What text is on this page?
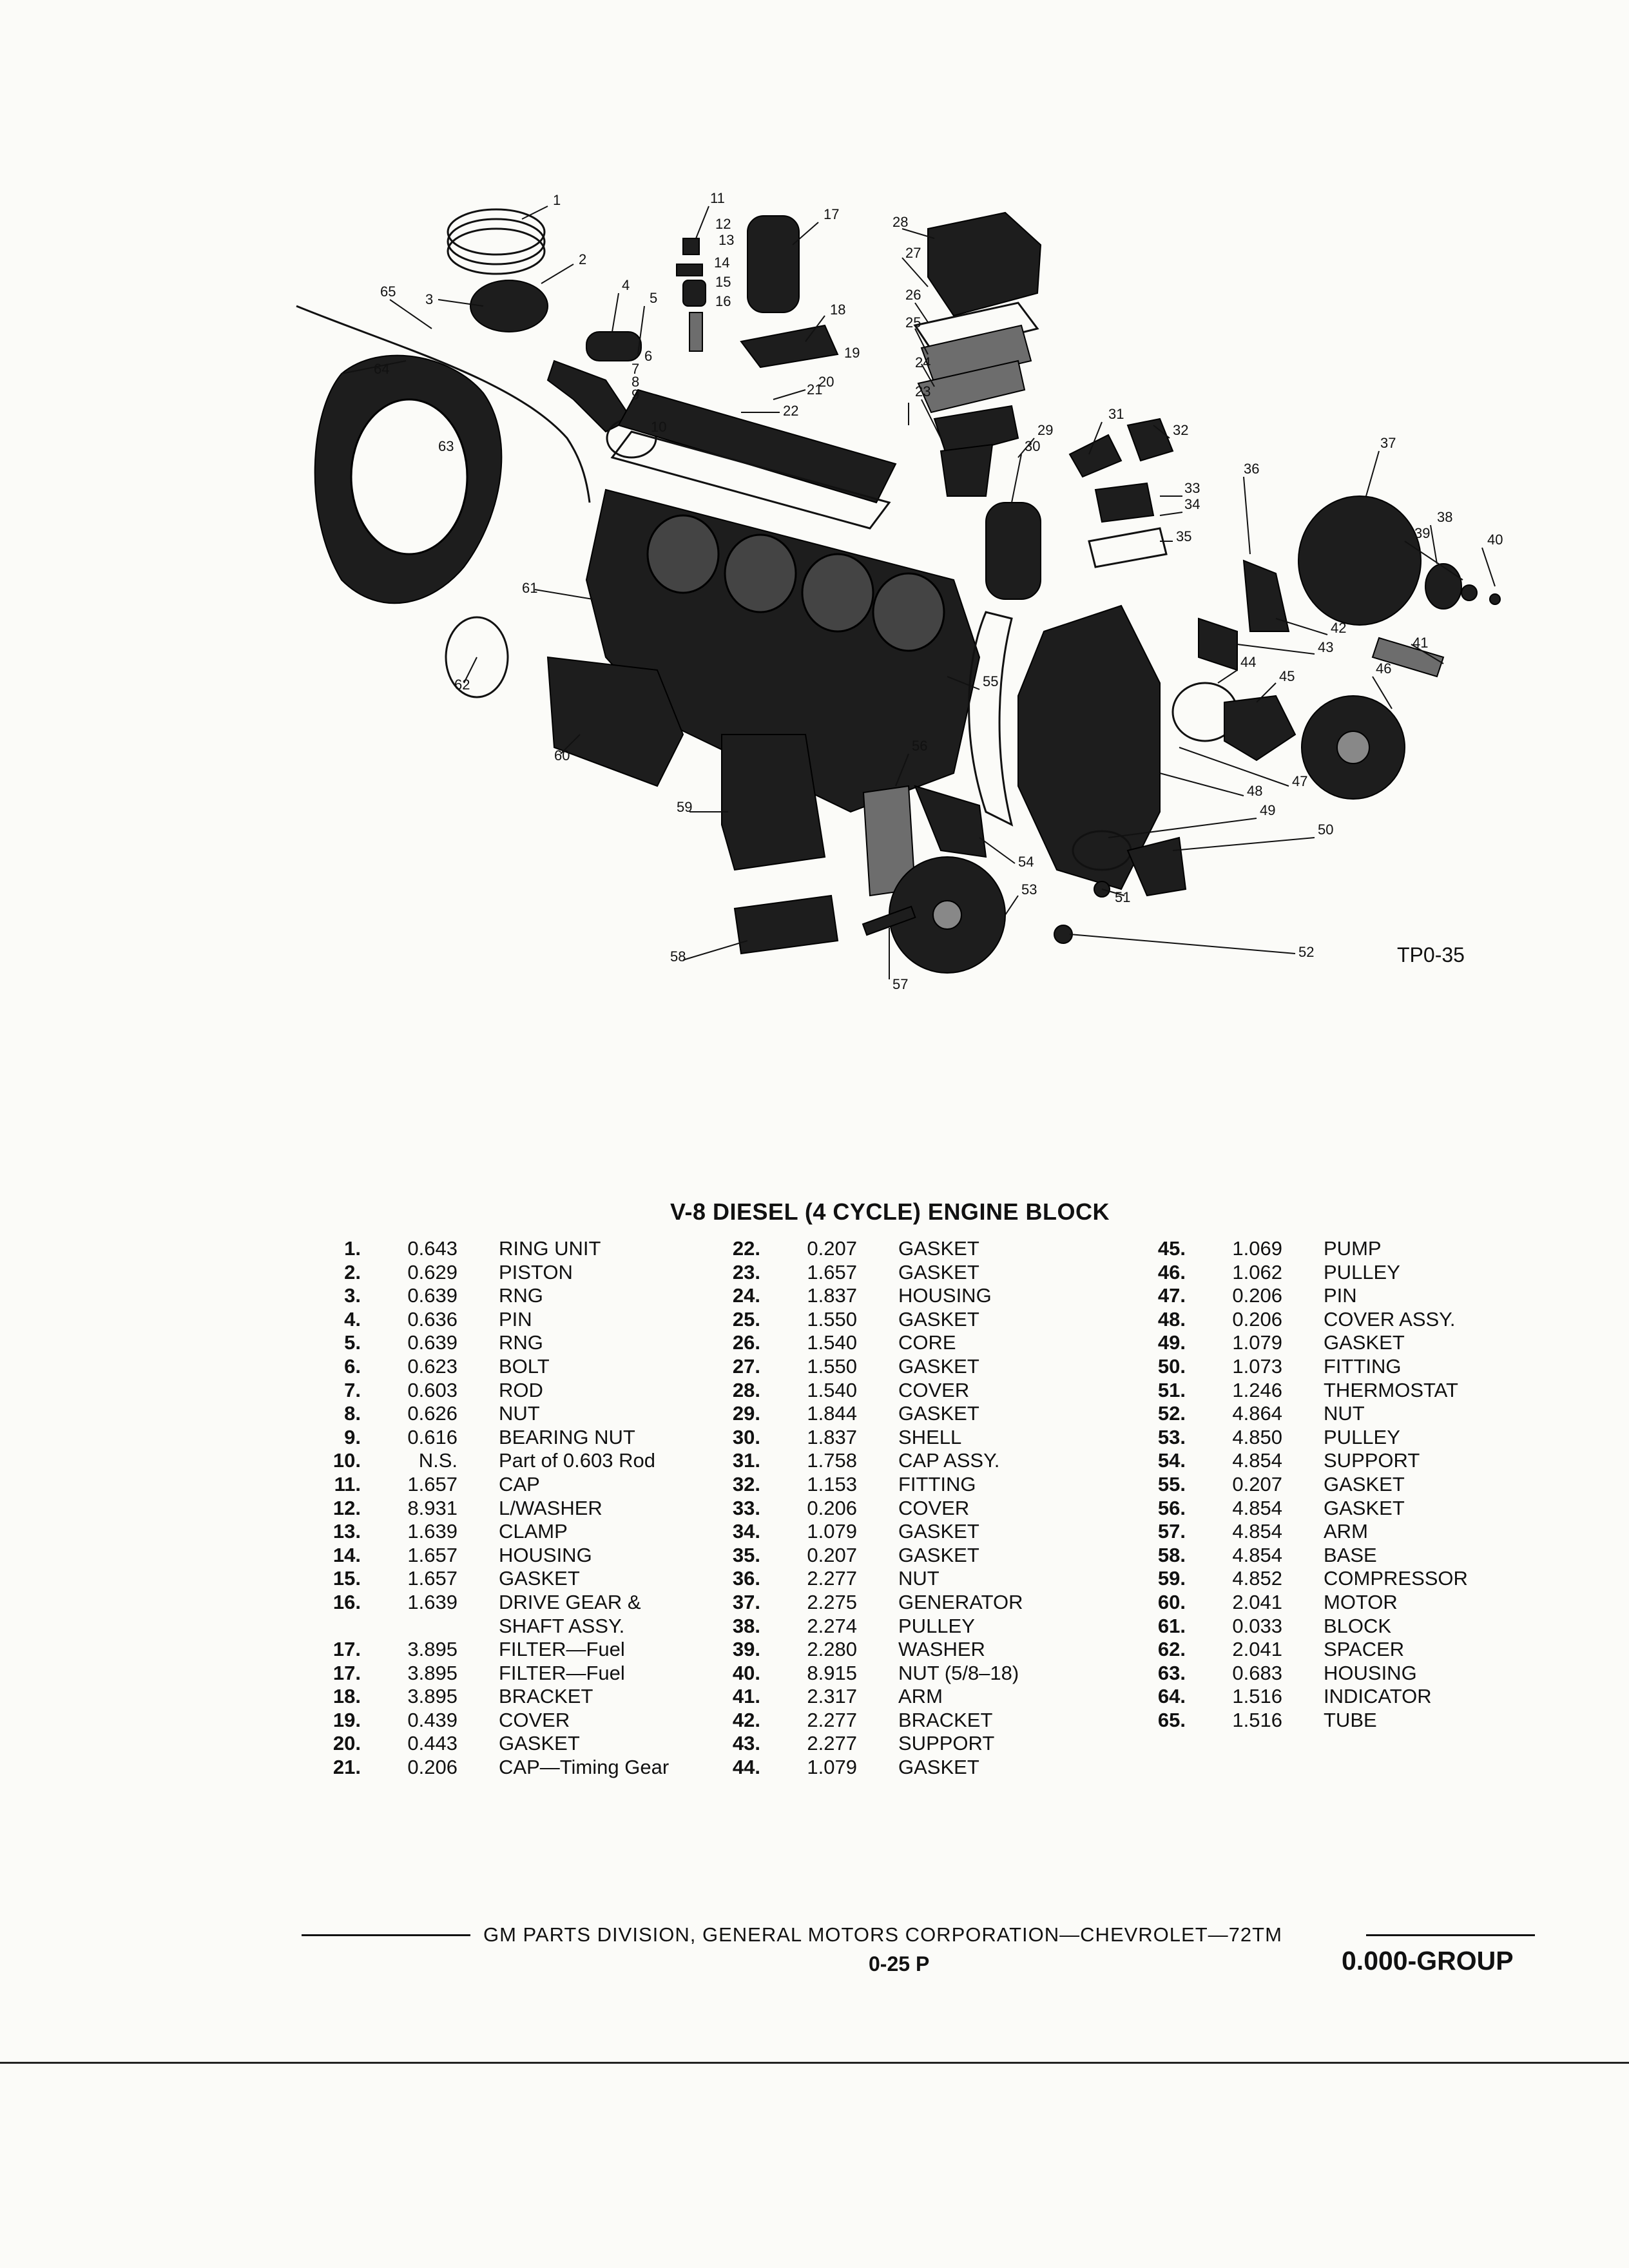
1
2
3
4
5
6
7
8
9
10
11
12
13
14
15
16
17
18
19
20
21
22
23
24
25
26
27
28
29
30
31
32
33
34
35
36
37
38
39	40
41
42
43
44
45	46
47
48
49
50
51
52
53
54
55
56
57
58
59
60
61
62
63
64
65
TP0-35
V-8 DIESEL (4 CYCLE) ENGINE BLOCK
1.	0.643	RING UNIT
2.	0.629	PISTON
3.	0.639	RNG
4.	0.636	PIN
5.	0.639	RNG
6.	0.623	BOLT
7.	0.603	ROD
8.	0.626	NUT
9.	0.616	BEARING NUT
10.	N.S.	Part of 0.603 Rod
11.	1.657	CAP
12.	8.931	L/WASHER
13.	1.639	CLAMP
14.	1.657	HOUSING
15.	1.657	GASKET
16.	1.639	DRIVE GEAR &
SHAFT ASSY.
17.	3.895	FILTER—Fuel
17.	3.895	FILTER—Fuel
18.	3.895	BRACKET
19.	0.439	COVER
20.	0.443	GASKET
21.	0.206	CAP—Timing Gear
22.	0.207	GASKET
23.	1.657	GASKET
24.	1.837	HOUSING
25.	1.550	GASKET
26.	1.540	CORE
27.	1.550	GASKET
28.	1.540	COVER
29.	1.844	GASKET
30.	1.837	SHELL
31.	1.758	CAP ASSY.
32.	1.153	FITTING
33.	0.206	COVER
34.	1.079	GASKET
35.	0.207	GASKET
36.	2.277	NUT
37.	2.275	GENERATOR
38.	2.274	PULLEY
39.	2.280	WASHER
40.	8.915	NUT (5/8–18)
41.	2.317	ARM
42.	2.277	BRACKET
43.	2.277	SUPPORT
44.	1.079	GASKET
45.	1.069	PUMP
46.	1.062	PULLEY
47.	0.206	PIN
48.	0.206	COVER ASSY.
49.	1.079	GASKET
50.	1.073	FITTING
51.	1.246	THERMOSTAT
52.	4.864	NUT
53.	4.850	PULLEY
54.	4.854	SUPPORT
55.	0.207	GASKET
56.	4.854	GASKET
57.	4.854	ARM
58.	4.854	BASE
59.	4.852	COMPRESSOR
60.	2.041	MOTOR
61.	0.033	BLOCK
62.	2.041	SPACER
63.	0.683	HOUSING
64.	1.516	INDICATOR
65.	1.516	TUBE
GM PARTS DIVISION, GENERAL MOTORS CORPORATION—CHEVROLET—72TM
0-25 P	0.000-GROUP
